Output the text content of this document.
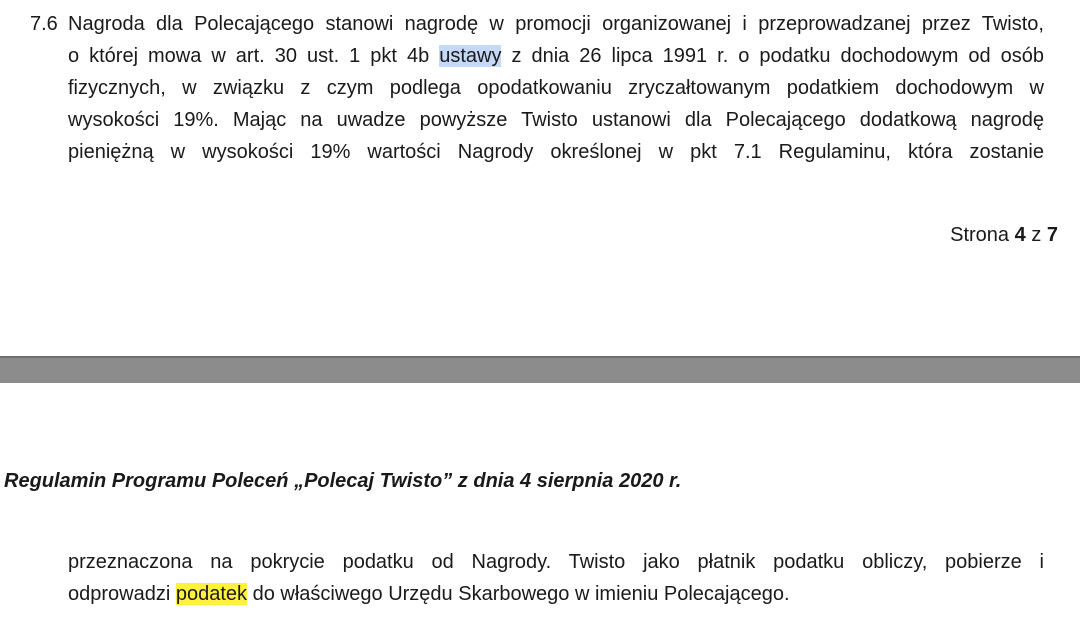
7.6 Nagroda dla Polecającego stanowi nagrodę w promocji organizowanej i przeprowadzanej przez Twisto,
o której mowa w art. 30 ust. 1 pkt 4b ustawy z dnia 26 lipca 1991 r. o podatku dochodowym od osób
fizycznych, w związku z czym podlega opodatkowaniu zryczałtowanym podatkiem dochodowym w
wysokości 19%. Mając na uwadze powyższe Twisto ustanowi dla Polecającego dodatkową nagrodę
pieniężną w wysokości 19% wartości Nagrody określonej w pkt 7.1 Regulaminu, która zostanie
Strona 4 z 7
Regulamin Programu Poleceń „Polecaj Twisto” z dnia 4 sierpnia 2020 r.
przeznaczona na pokrycie podatku od Nagrody. Twisto jako płatnik podatku obliczy, pobierze i
odprowadzi podatek do właściwego Urzędu Skarbowego w imieniu Polecającego.
